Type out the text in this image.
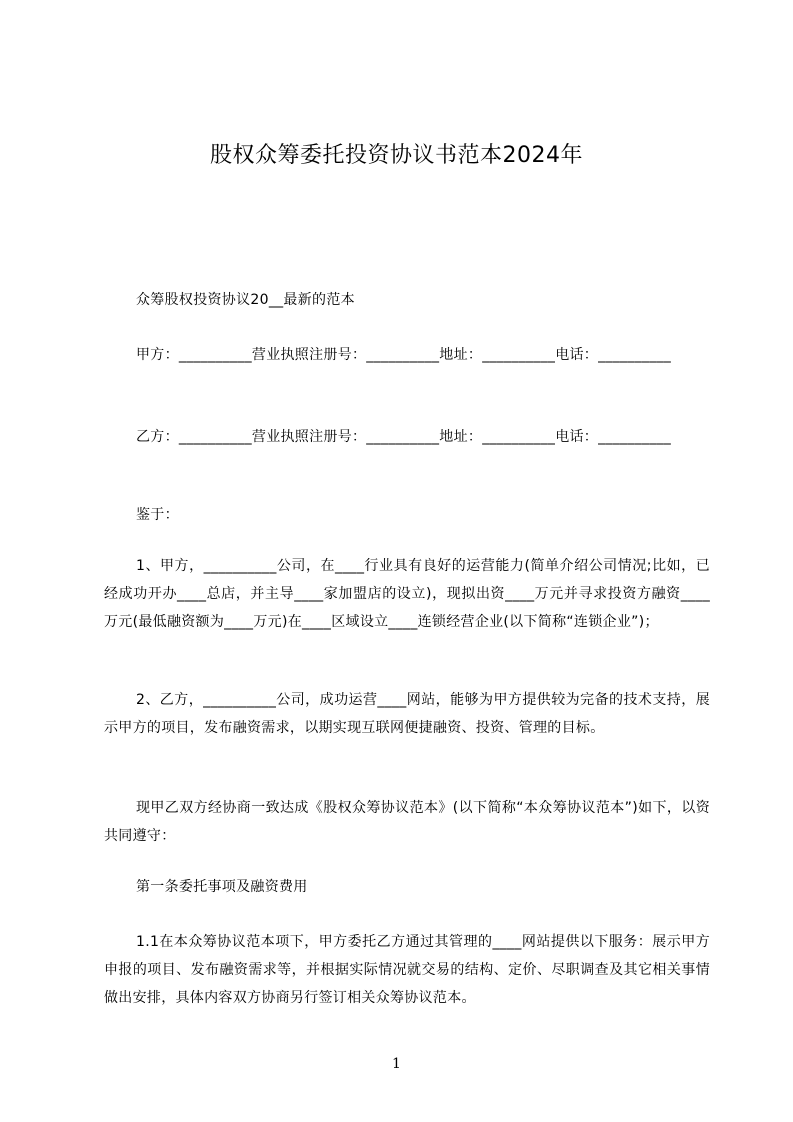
股权众筹委托投资协议书范本2024年
众筹股权投资协议20__最新的范本
甲方：__________营业执照注册号：__________地址：__________电话：__________
乙方：__________营业执照注册号：__________地址：__________电话：__________
鉴于：
1、甲方，__________公司，在____行业具有良好的运营能力(简单介绍公司情况;比如，已经成功开办____总店，并主导____家加盟店的设立)，现拟出资____万元并寻求投资方融资____万元(最低融资额为____万元)在____区域设立____连锁经营企业(以下简称“连锁企业”)；
2、乙方，__________公司，成功运营____网站，能够为甲方提供较为完备的技术支持，展示甲方的项目，发布融资需求，以期实现互联网便捷融资、投资、管理的目标。
现甲乙双方经协商一致达成《股权众筹协议范本》(以下简称“本众筹协议范本”)如下，以资共同遵守：
第一条委托事项及融资费用
1.1在本众筹协议范本项下，甲方委托乙方通过其管理的____网站提供以下服务：展示甲方申报的项目、发布融资需求等，并根据实际情况就交易的结构、定价、尽职调查及其它相关事情做出安排，具体内容双方协商另行签订相关众筹协议范本。
1
